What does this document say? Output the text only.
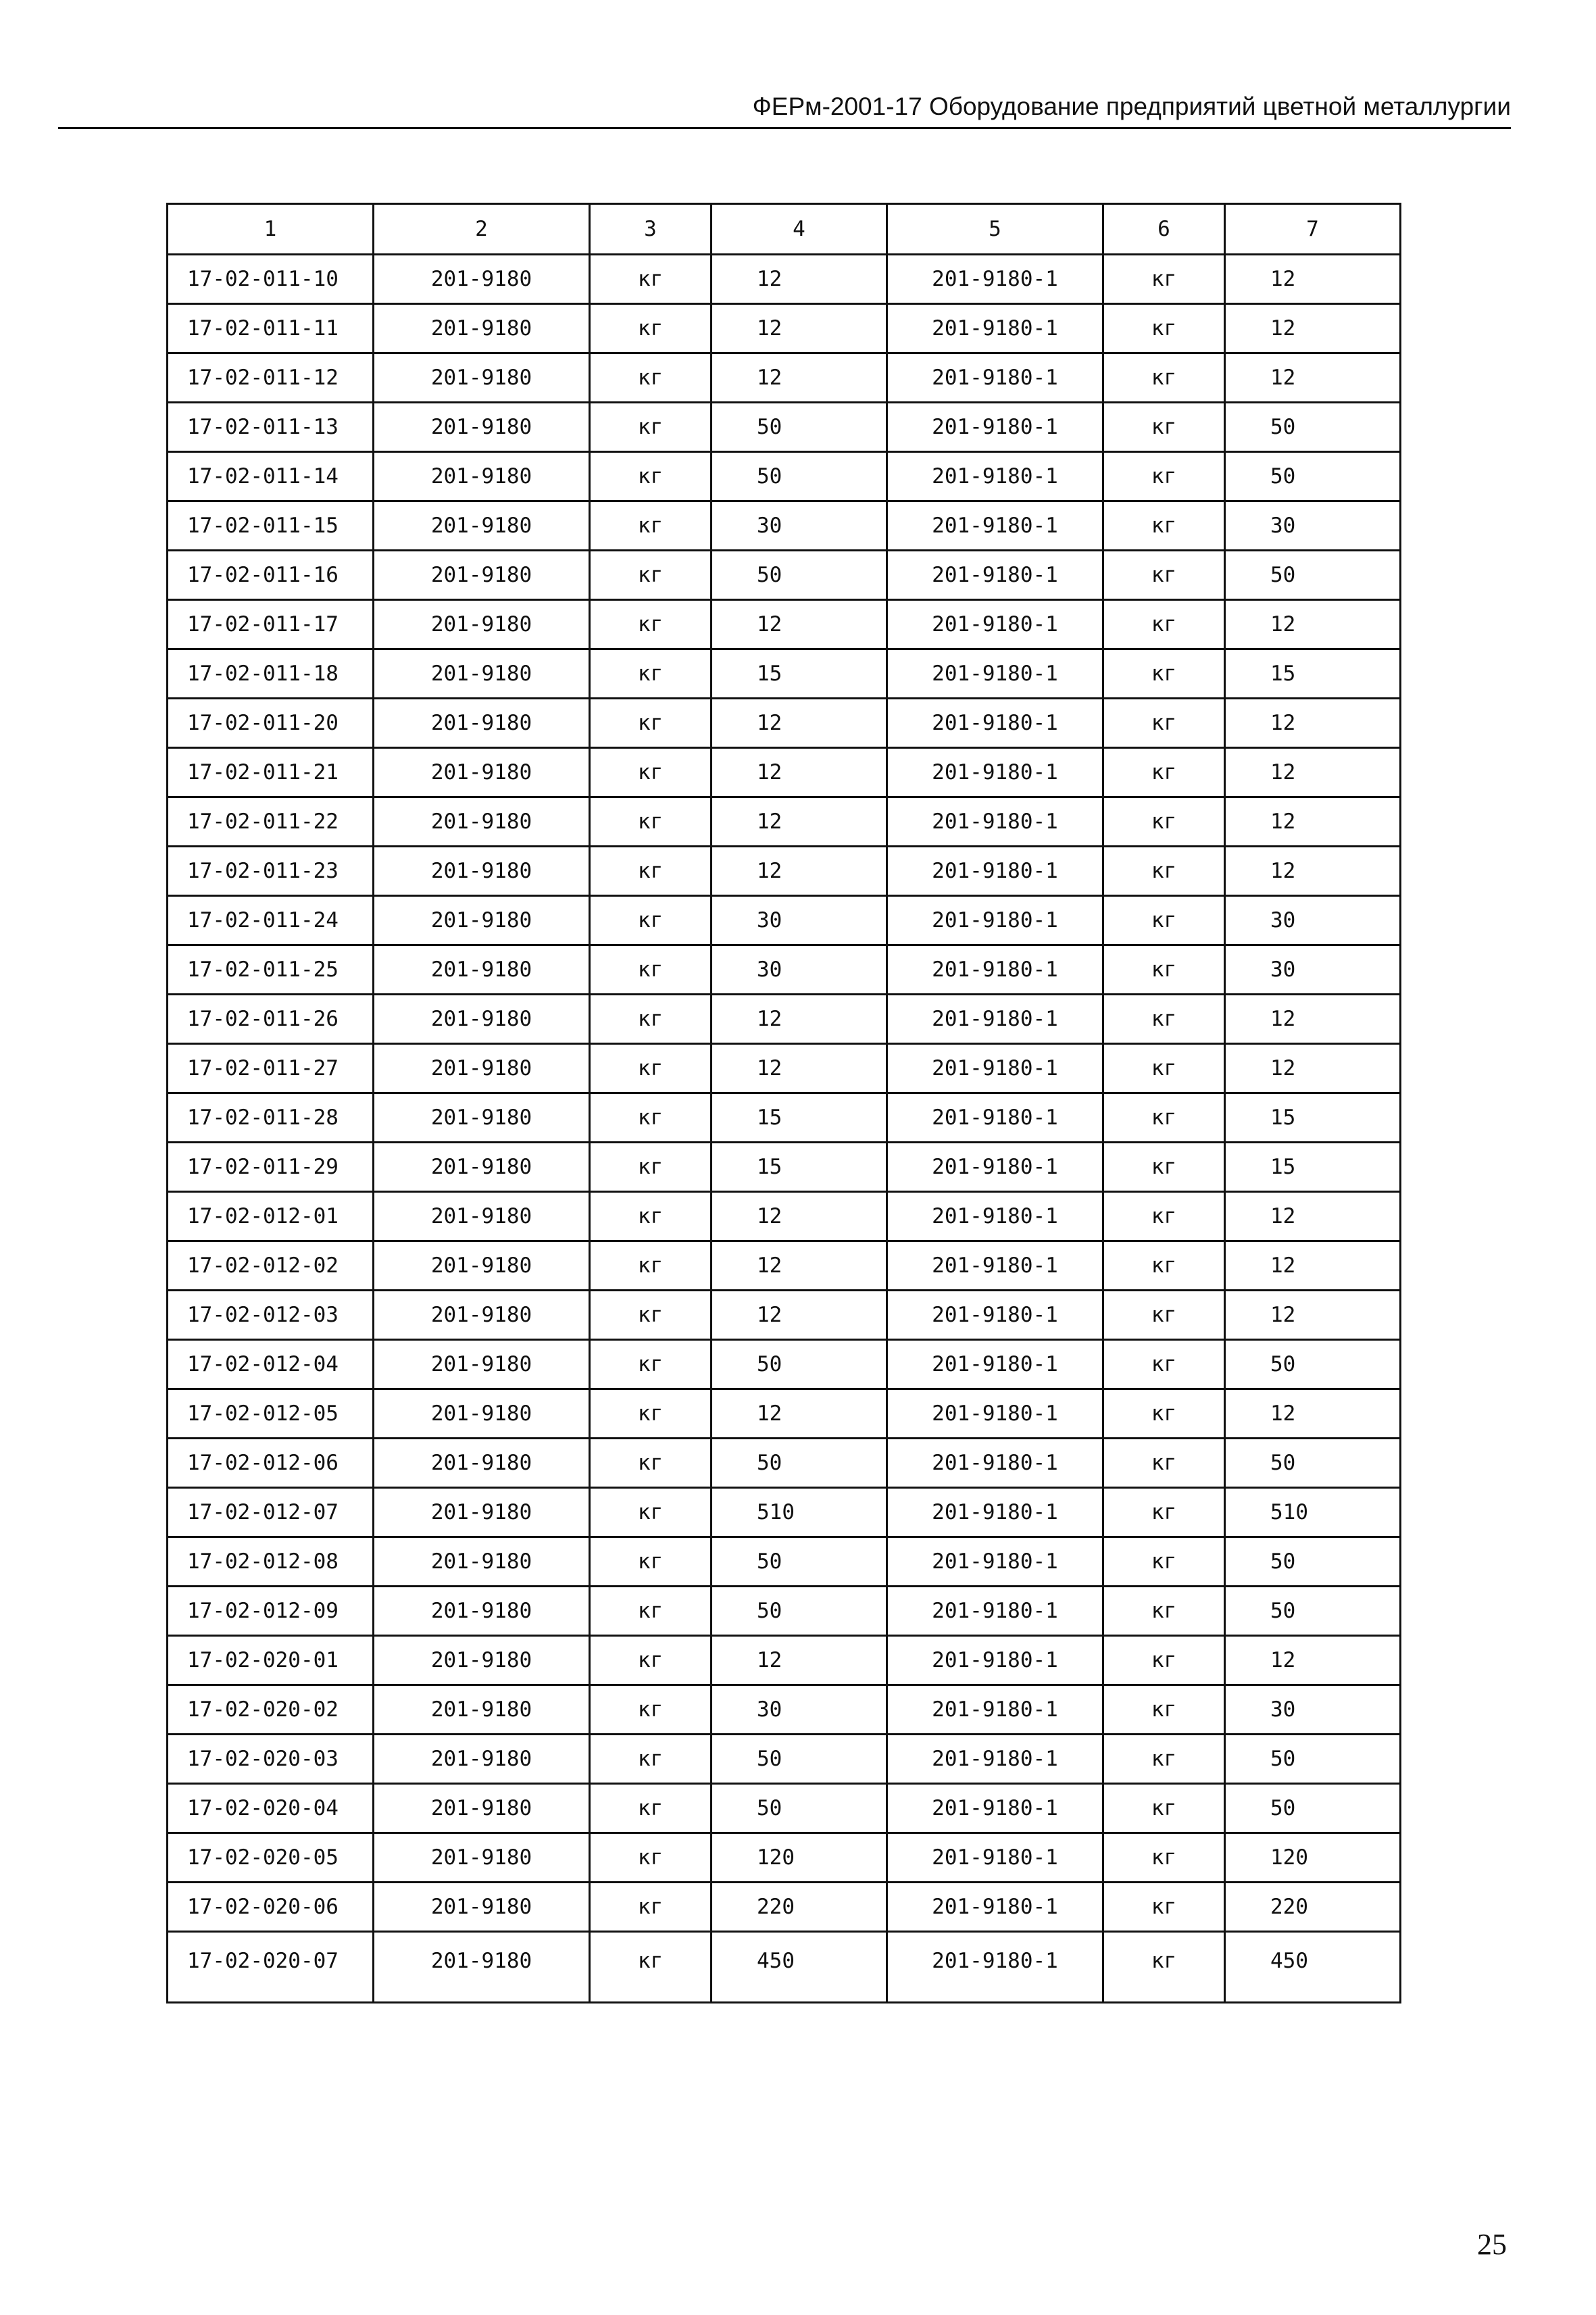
ФЕРм-2001-17 Оборудование предприятий цветной металлургии
1	2	3	4	5	6	7
17-02-011-10	201-9180	кг	12	201-9180-1	кг	12
17-02-011-11	201-9180	кг	12	201-9180-1	кг	12
17-02-011-12	201-9180	кг	12	201-9180-1	кг	12
17-02-011-13	201-9180	кг	50	201-9180-1	кг	50
17-02-011-14	201-9180	кг	50	201-9180-1	кг	50
17-02-011-15	201-9180	кг	30	201-9180-1	кг	30
17-02-011-16	201-9180	кг	50	201-9180-1	кг	50
17-02-011-17	201-9180	кг	12	201-9180-1	кг	12
17-02-011-18	201-9180	кг	15	201-9180-1	кг	15
17-02-011-20	201-9180	кг	12	201-9180-1	кг	12
17-02-011-21	201-9180	кг	12	201-9180-1	кг	12
17-02-011-22	201-9180	кг	12	201-9180-1	кг	12
17-02-011-23	201-9180	кг	12	201-9180-1	кг	12
17-02-011-24	201-9180	кг	30	201-9180-1	кг	30
17-02-011-25	201-9180	кг	30	201-9180-1	кг	30
17-02-011-26	201-9180	кг	12	201-9180-1	кг	12
17-02-011-27	201-9180	кг	12	201-9180-1	кг	12
17-02-011-28	201-9180	кг	15	201-9180-1	кг	15
17-02-011-29	201-9180	кг	15	201-9180-1	кг	15
17-02-012-01	201-9180	кг	12	201-9180-1	кг	12
17-02-012-02	201-9180	кг	12	201-9180-1	кг	12
17-02-012-03	201-9180	кг	12	201-9180-1	кг	12
17-02-012-04	201-9180	кг	50	201-9180-1	кг	50
17-02-012-05	201-9180	кг	12	201-9180-1	кг	12
17-02-012-06	201-9180	кг	50	201-9180-1	кг	50
17-02-012-07	201-9180	кг	510	201-9180-1	кг	510
17-02-012-08	201-9180	кг	50	201-9180-1	кг	50
17-02-012-09	201-9180	кг	50	201-9180-1	кг	50
17-02-020-01	201-9180	кг	12	201-9180-1	кг	12
17-02-020-02	201-9180	кг	30	201-9180-1	кг	30
17-02-020-03	201-9180	кг	50	201-9180-1	кг	50
17-02-020-04	201-9180	кг	50	201-9180-1	кг	50
17-02-020-05	201-9180	кг	120	201-9180-1	кг	120
17-02-020-06	201-9180	кг	220	201-9180-1	кг	220
17-02-020-07	201-9180	кг	450	201-9180-1	кг	450
25
